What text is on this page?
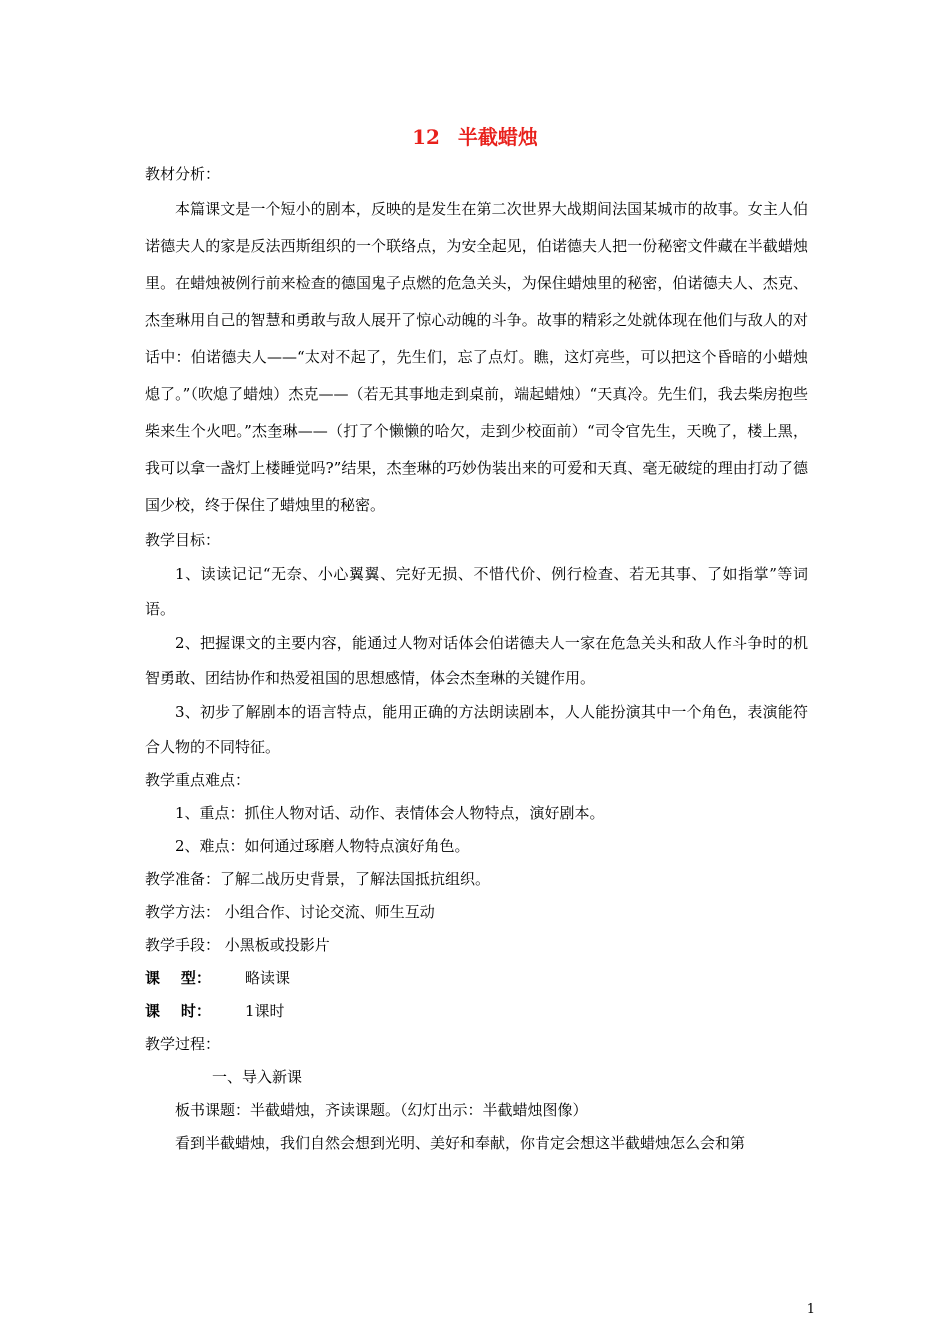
12 半截蜡烛
教材分析：
本篇课文是一个短小的剧本，反映的是发生在第二次世界大战期间法国某城市的故事。女主人伯诺德夫人的家是反法西斯组织的一个联络点，为安全起见，伯诺德夫人把一份秘密文件藏在半截蜡烛里。在蜡烛被例行前来检查的德国鬼子点燃的危急关头，为保住蜡烛里的秘密，伯诺德夫人、杰克、杰奎琳用自己的智慧和勇敢与敌人展开了惊心动魄的斗争。故事的精彩之处就体现在他们与敌人的对话中：伯诺德夫人——“太对不起了，先生们，忘了点灯。瞧，这灯亮些，可以把这个昏暗的小蜡烛熄了。”（吹熄了蜡烛）杰克——（若无其事地走到桌前，端起蜡烛）“天真冷。先生们，我去柴房抱些柴来生个火吧。”杰奎琳——（打了个懒懒的哈欠，走到少校面前）“司令官先生，天晚了，楼上黑，我可以拿一盏灯上楼睡觉吗?”结果，杰奎琳的巧妙伪装出来的可爱和天真、毫无破绽的理由打动了德国少校，终于保住了蜡烛里的秘密。
教学目标：
1、读读记记“无奈、小心翼翼、完好无损、不惜代价、例行检查、若无其事、了如指掌”等词语。
2、把握课文的主要内容，能通过人物对话体会伯诺德夫人一家在危急关头和敌人作斗争时的机智勇敢、团结协作和热爱祖国的思想感情，体会杰奎琳的关键作用。
3、初步了解剧本的语言特点，能用正确的方法朗读剧本，人人能扮演其中一个角色，表演能符合人物的不同特征。
教学重点难点：
1、重点：抓住人物对话、动作、表情体会人物特点，演好剧本。
2、难点：如何通过琢磨人物特点演好角色。
教学准备：了解二战历史背景，了解法国抵抗组织。
教学方法： 小组合作、讨论交流、师生互动
教学手段： 小黑板或投影片
课    型： 略读课
课    时： 1课时
教学过程：
一、导入新课
板书课题：半截蜡烛，齐读课题。（幻灯出示：半截蜡烛图像）
看到半截蜡烛，我们自然会想到光明、美好和奉献，你肯定会想这半截蜡烛怎么会和第
1
